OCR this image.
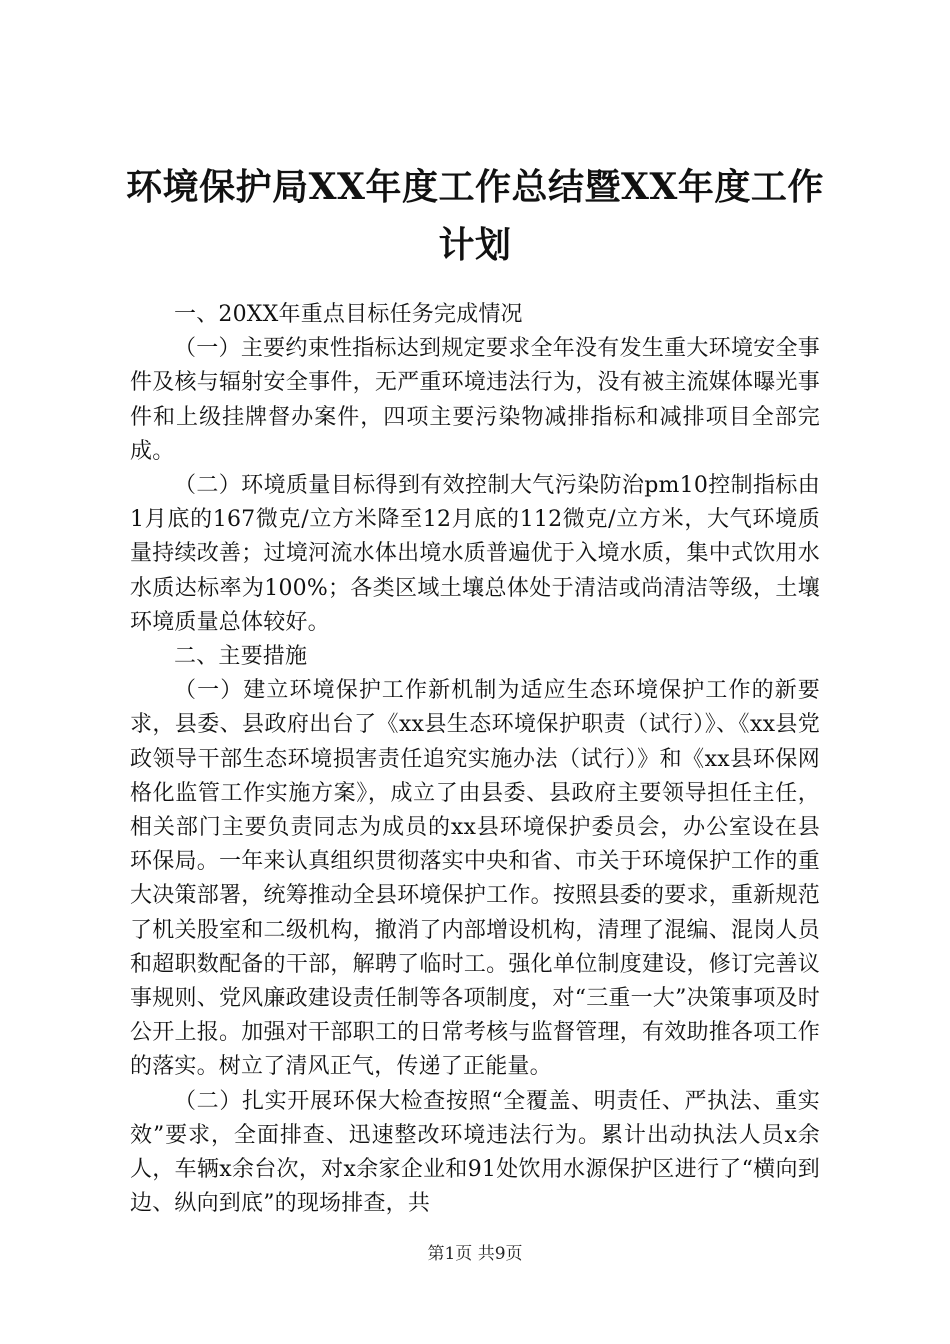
环境保护局XX年度工作总结暨XX年度工作计划

一、20XX年重点目标任务完成情况

（一）主要约束性指标达到规定要求全年没有发生重大环境安全事件及核与辐射安全事件，无严重环境违法行为，没有被主流媒体曝光事件和上级挂牌督办案件，四项主要污染物减排指标和减排项目全部完成。

（二）环境质量目标得到有效控制大气污染防治pm10控制指标由1月底的167微克/立方米降至12月底的112微克/立方米，大气环境质量持续改善；过境河流水体出境水质普遍优于入境水质，集中式饮用水水质达标率为100%；各类区域土壤总体处于清洁或尚清洁等级，土壤环境质量总体较好。

二、主要措施

（一）建立环境保护工作新机制为适应生态环境保护工作的新要求，县委、县政府出台了《xx县生态环境保护职责（试行）》、《xx县党政领导干部生态环境损害责任追究实施办法（试行）》和《xx县环保网格化监管工作实施方案》，成立了由县委、县政府主要领导担任主任，相关部门主要负责同志为成员的xx县环境保护委员会，办公室设在县环保局。一年来认真组织贯彻落实中央和省、市关于环境保护工作的重大决策部署，统筹推动全县环境保护工作。按照县委的要求，重新规范了机关股室和二级机构，撤消了内部增设机构，清理了混编、混岗人员和超职数配备的干部，解聘了临时工。强化单位制度建设，修订完善议事规则、党风廉政建设责任制等各项制度，对“三重一大”决策事项及时公开上报。加强对干部职工的日常考核与监督管理，有效助推各项工作的落实。树立了清风正气，传递了正能量。

（二）扎实开展环保大检查按照“全覆盖、明责任、严执法、重实效”要求，全面排查、迅速整改环境违法行为。累计出动执法人员x余人，车辆x余台次，对x余家企业和91处饮用水源保护区进行了“横向到边、纵向到底”的现场排查，共

第1页 共9页
